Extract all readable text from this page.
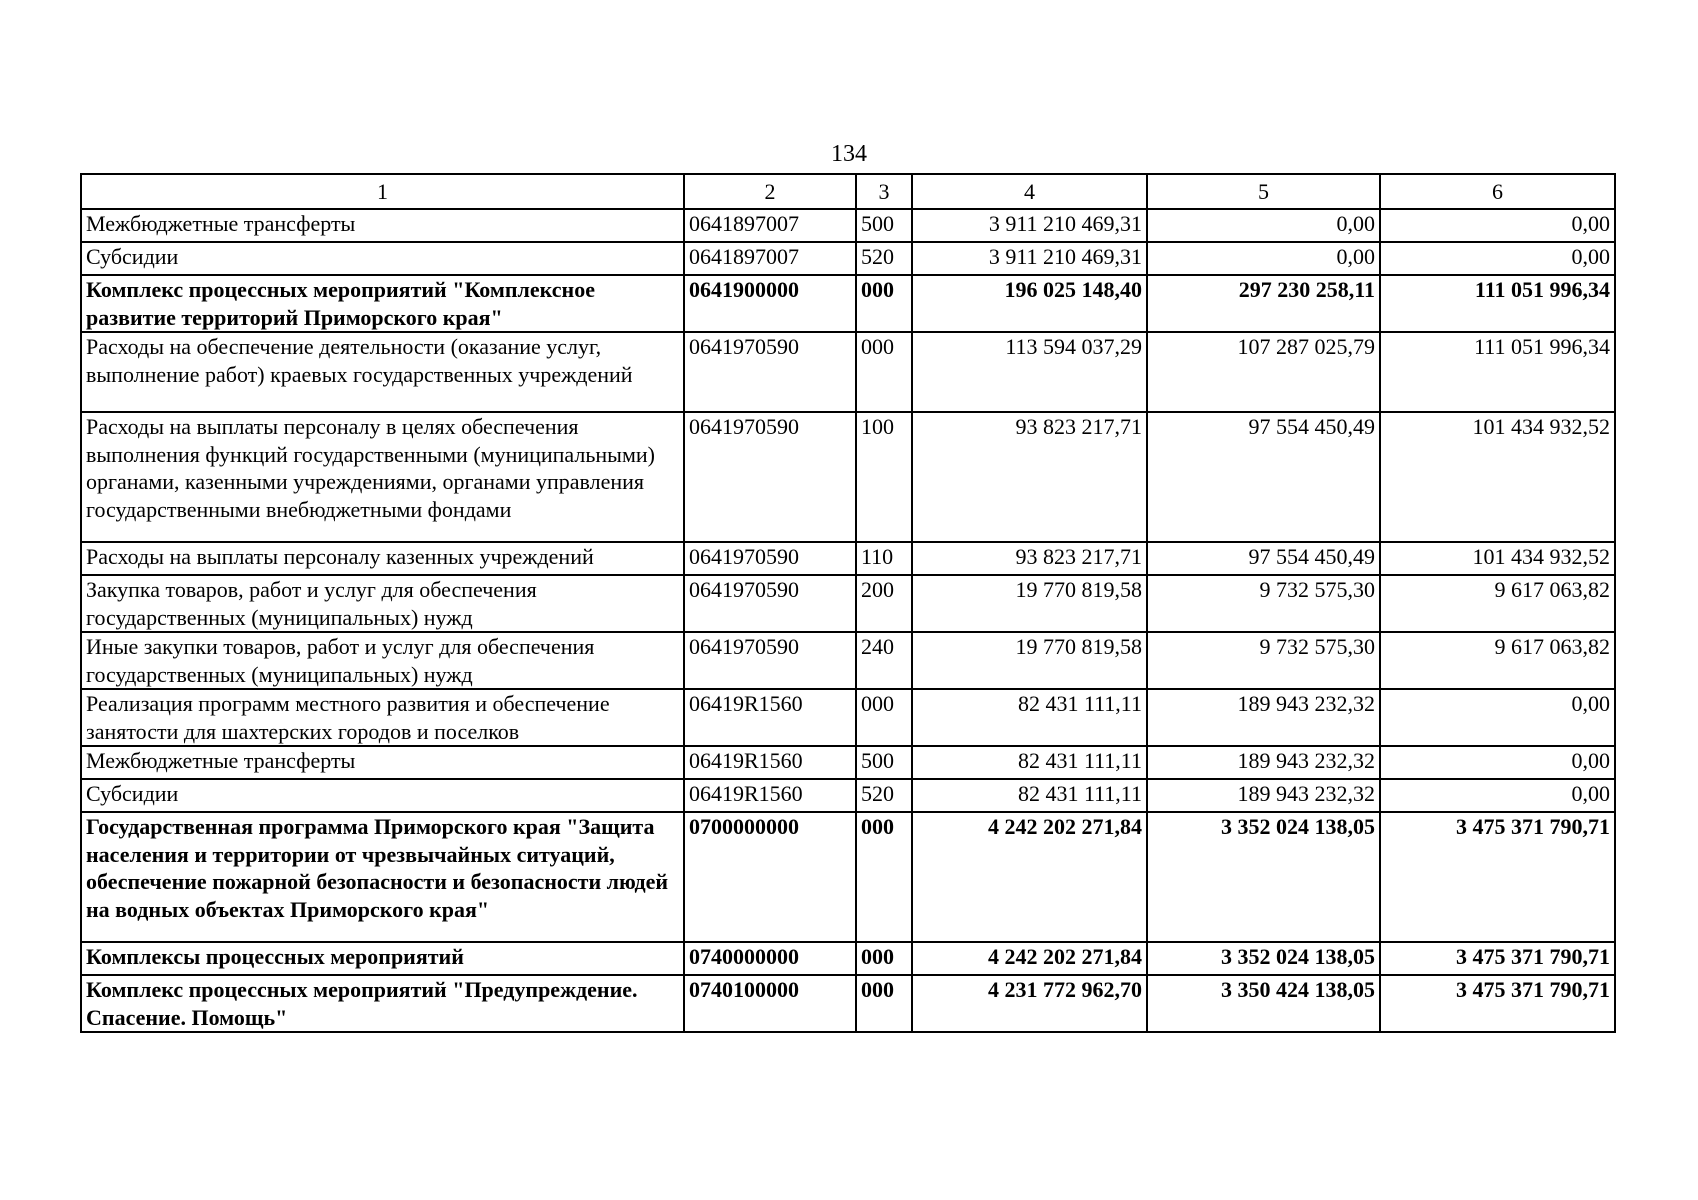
134
1	2	3	4	5	6
Межбюджетные трансферты	0641897007	500	3 911 210 469,31	0,00	0,00
Субсидии	0641897007	520	3 911 210 469,31	0,00	0,00
Комплекс процессных мероприятий "Комплексное развитие территорий Приморского края"	0641900000	000	196 025 148,40	297 230 258,11	111 051 996,34
Расходы на обеспечение деятельности (оказание услуг, выполнение работ) краевых государственных учреждений	0641970590	000	113 594 037,29	107 287 025,79	111 051 996,34
Расходы на выплаты персоналу в целях обеспечения выполнения функций государственными (муниципальными) органами, казенными учреждениями, органами управления государственными внебюджетными фондами	0641970590	100	93 823 217,71	97 554 450,49	101 434 932,52
Расходы на выплаты персоналу казенных учреждений	0641970590	110	93 823 217,71	97 554 450,49	101 434 932,52
Закупка товаров, работ и услуг для обеспечения государственных (муниципальных) нужд	0641970590	200	19 770 819,58	9 732 575,30	9 617 063,82
Иные закупки товаров, работ и услуг для обеспечения государственных (муниципальных) нужд	0641970590	240	19 770 819,58	9 732 575,30	9 617 063,82
Реализация программ местного развития и обеспечение занятости для шахтерских городов и поселков	06419R1560	000	82 431 111,11	189 943 232,32	0,00
Межбюджетные трансферты	06419R1560	500	82 431 111,11	189 943 232,32	0,00
Субсидии	06419R1560	520	82 431 111,11	189 943 232,32	0,00
Государственная программа Приморского края "Защита населения и территории от чрезвычайных ситуаций, обеспечение пожарной безопасности и безопасности людей на водных объектах Приморского края"	0700000000	000	4 242 202 271,84	3 352 024 138,05	3 475 371 790,71
Комплексы процессных мероприятий	0740000000	000	4 242 202 271,84	3 352 024 138,05	3 475 371 790,71
Комплекс процессных мероприятий "Предупреждение. Спасение. Помощь"	0740100000	000	4 231 772 962,70	3 350 424 138,05	3 475 371 790,71
